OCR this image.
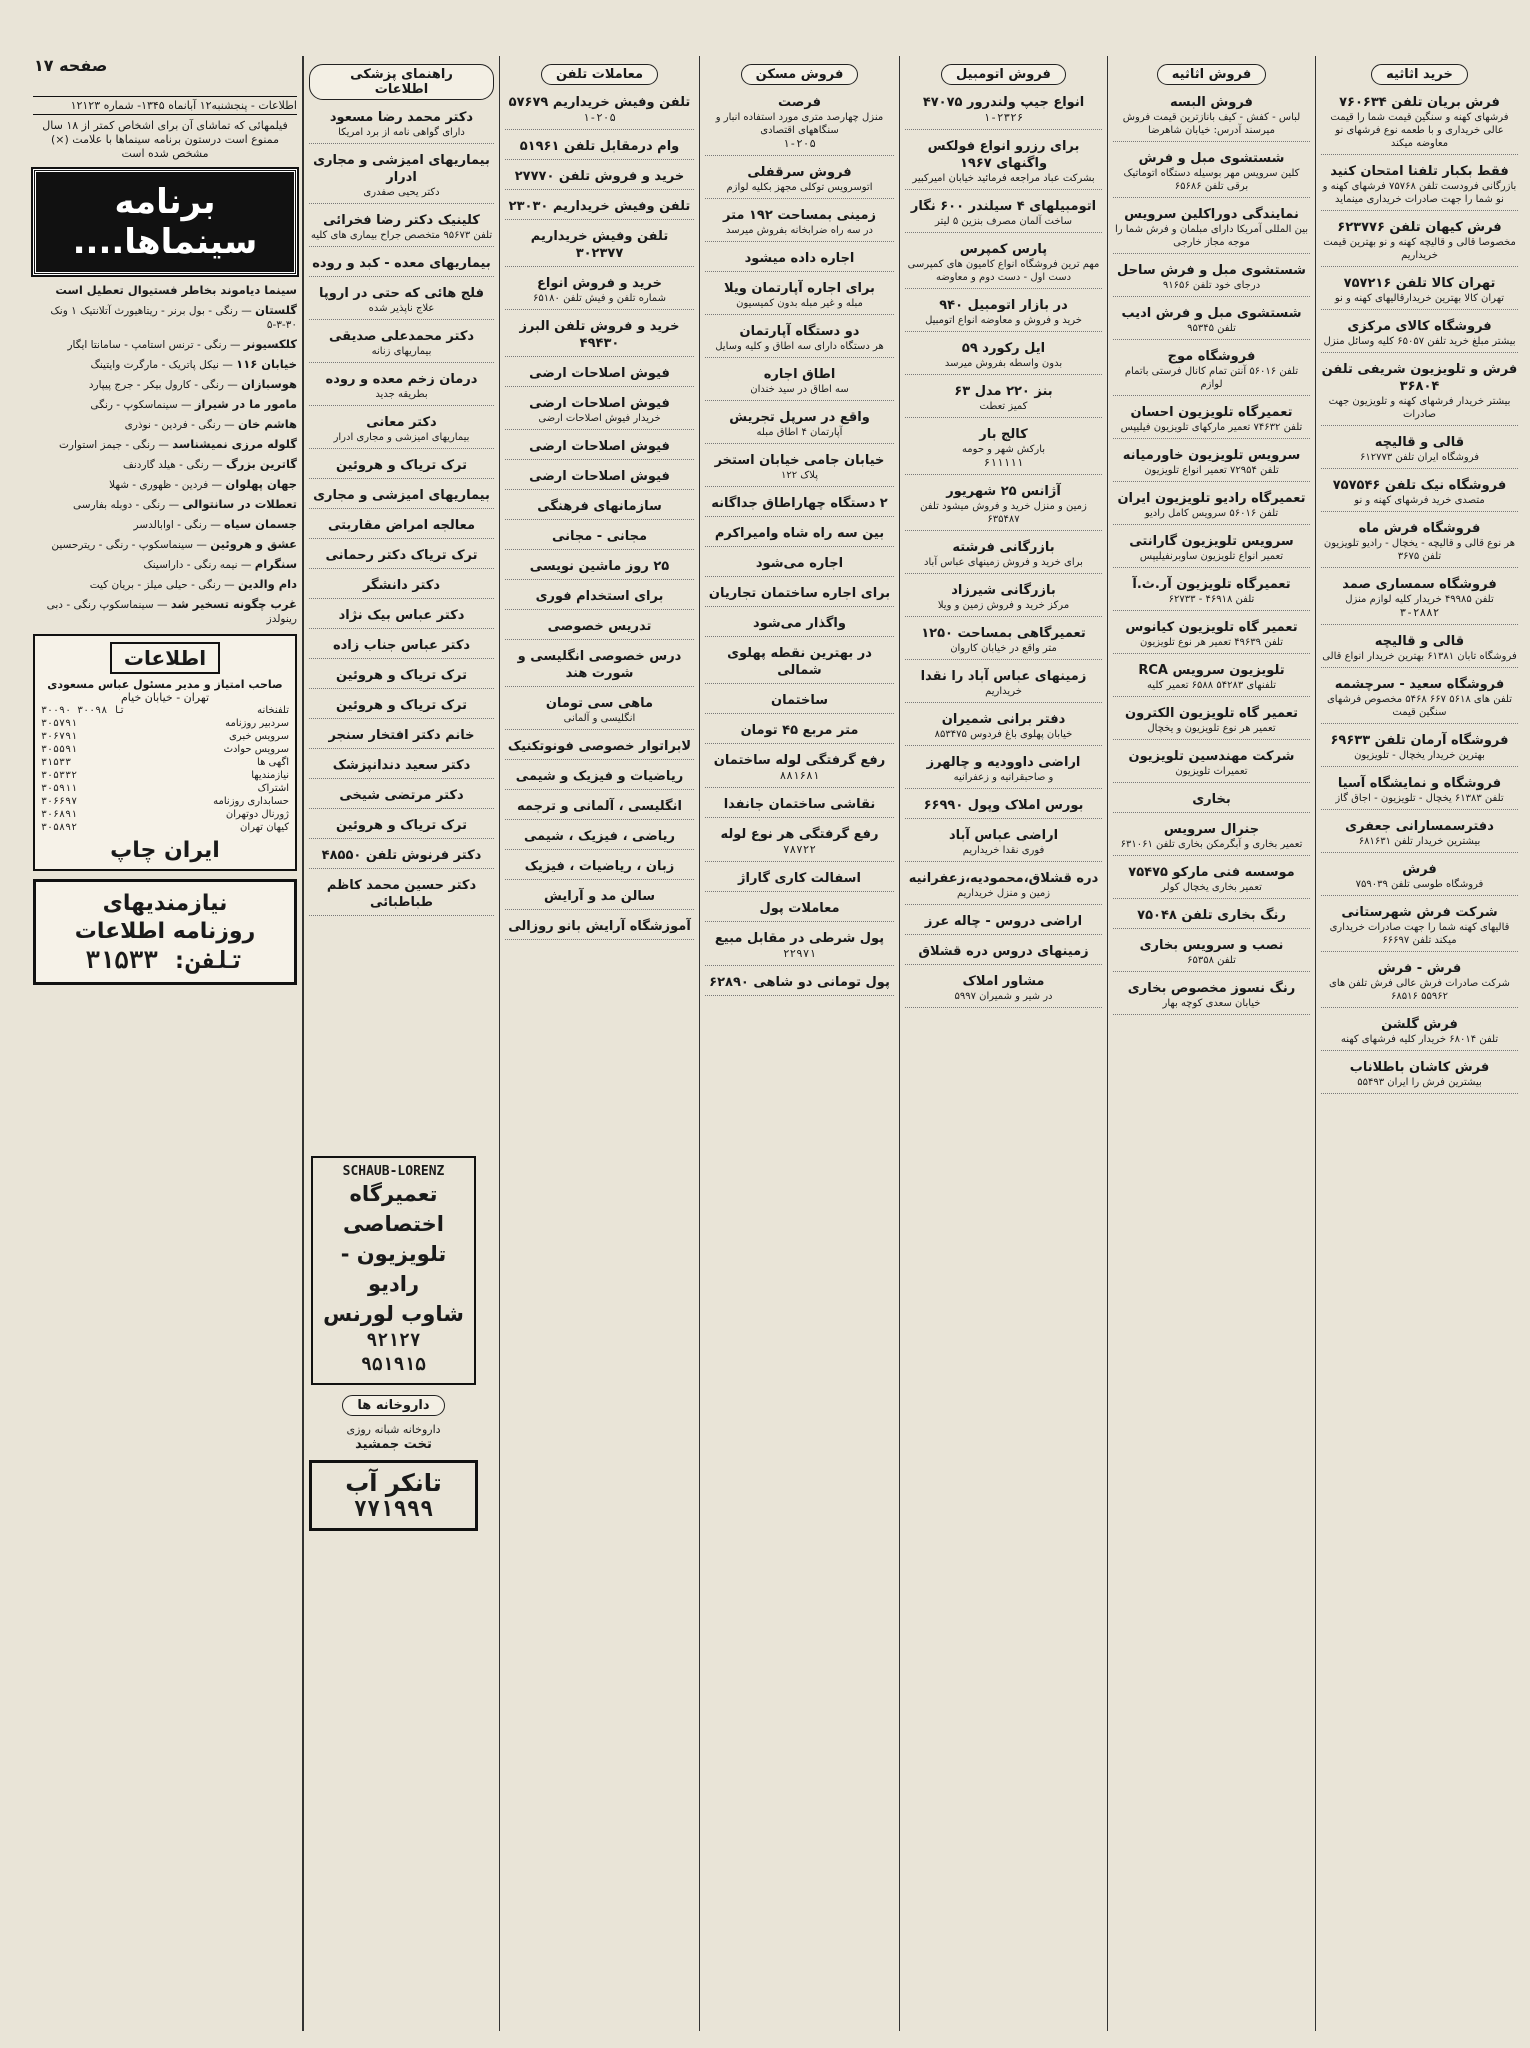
صفحه ۱۷	خرید اثاثیه
فرش بریان تلفن ۷۶۰۶۳۴
فرشهای کهنه و سنگین قیمت شما را قیمت عالی خریداری و با طعمه نوع فرشهای نو معاوضه میکند
فقط بکبار تلفنا امتحان کنید
بازرگانی فرودست تلفن ۷۵۷۶۸ فرشهای کهنه و نو شما را جهت صادرات خریداری مینماید
فرش کیهان تلفن ۶۲۳۷۷۶
مخصوصا قالی و قالیچه کهنه و نو بهترین قیمت خریداریم
تهران کالا تلفن ۷۵۷۲۱۶
تهران کالا بهترین خریدارقالیهای کهنه و نو
فروشگاه کالای مرکزی
بیشتر مبلغ خرید تلفن ۶۵۰۵۷ کلیه وسائل منزل
فرش و تلویزیون شریفی تلفن ۳۶۸۰۴
بیشتر خریدار فرشهای کهنه و تلویزیون جهت صادرات
قالی و قالیچه
فروشگاه ایران تلفن ۶۱۲۷۷۳
فروشگاه نیک تلفن ۷۵۷۵۴۶
متصدی خرید فرشهای کهنه و نو
فروشگاه فرش ماه
هر نوع قالی و قالیچه - یخچال - رادیو تلویزیون تلفن ۳۶۷۵
فروشگاه سمساری صمد
تلفن ۴۹۹۸۵ خریدار کلیه لوازم منزل
۳-۲۸۸۲
قالی و قالیچه
فروشگاه تابان ۶۱۳۸۱ بهترین خریدار انواع قالی
فروشگاه سعید - سرچشمه
تلفن های ۵۶۱۸ ۶۶۷ ۵۴۶۸ مخصوص فرشهای سنگین قیمت
فروشگاه آرمان تلفن ۶۹۶۳۳
بهترین خریدار یخچال - تلویزیون
فروشگاه و نمایشگاه آسیا
تلفن ۶۱۳۸۳ یخچال - تلویزیون - اجاق گاز
دفترسمسارانی جعفری
بیشترین خریدار تلفن ۶۸۱۶۳۱
فرش
فروشگاه طوسی تلفن ۷۵۹۰۳۹
شرکت فرش شهرستانی
قالیهای کهنه شما را جهت صادرات خریداری میکند تلفن ۶۶۶۹۷
فرش - فرش
شرکت صادرات فرش عالی فرش تلفن های ۵۵۹۶۲ ۶۸۵۱۶
فرش گلشن
تلفن ۶۸۰۱۴ خریدار کلیه فرشهای کهنه
فرش کاشان باطلاناب
بیشترین فرش را ایران ۵۵۴۹۳
فروش اثاثیه
فروش البسه
لباس - کفش - کیف بانازترین قیمت فروش میرسند آدرس: خیابان شاهرضا
شستشوی مبل و فرش
کلین سرویس مهر بوسیله دستگاه اتوماتیک برقی تلفن ۶۵۶۸۶
نمایندگی دوراکلین سرویس
بین المللی آمریکا دارای مبلمان و فرش شما را موجه مجاز خارجی
شستشوی مبل و فرش ساحل
درجای خود تلفن ۹۱۶۵۶
شستشوی مبل و فرش ادیب
تلفن ۹۵۳۴۵
فروشگاه موج
تلفن ۵۶۰۱۶ آنتن تمام کانال فرستی باتمام لوازم
تعمیرگاه تلویزیون احسان
تلفن ۷۴۶۳۲ تعمیر مارکهای تلویزیون فیلیپس
سرویس تلویزیون خاورمیانه
تلفن ۷۲۹۵۴ تعمیر انواع تلویزیون
تعمیرگاه رادیو تلویزیون ایران
تلفن ۵۶۰۱۶ سرویس کامل رادیو
سرویس تلویزیون گارانتی
تعمیر انواع تلویزیون ساوبرنفیلیپس
تعمیرگاه تلویزیون آر.ث.آ
تلفن ۴۶۹۱۸ - ۶۲۷۳۳
تعمیر گاه تلویزیون کیانوس
تلفن ۴۹۶۳۹ تعمیر هر نوع تلویزیون
تلویزیون سرویس RCA
تلفنهای ۵۴۲۸۳ ۶۵۸۸ تعمیر کلیه
تعمیر گاه تلویزیون الکترون
تعمیر هر نوع تلویزیون و یخچال
شرکت مهندسین تلویزیون
تعمیرات تلویزیون
بخاری
جنرال سرویس
تعمیر بخاری و آبگرمکن بخاری تلفن ۶۳۱۰۶۱
موسسه فنی مارکو ۷۵۴۷۵
تعمیر بخاری یخچال کولر
رنگ بخاری تلفن ۷۵۰۴۸
نصب و سرویس بخاری
تلفن ۶۵۳۵۸
رنگ نسوز مخصوص بخاری
خیابان سعدی کوچه بهار
فروش اتومبیل
انواع جیپ ولندرور ۴۷۰۷۵
۱-۲۳۲۶
برای رزرو انواع فولکس واگنهای ۱۹۶۷
بشرکت عباد مراجعه فرمائید خیابان امیرکبیر
اتومبیلهای ۴ سیلندر ۶۰۰ نگار
ساخت آلمان مصرف بنزین ۵ لیتر
پارس کمپرس
مهم ترین فروشگاه انواع کامیون های کمپرسی دست اول - دست دوم و معاوضه
در بازار اتومبیل ۹۴۰
خرید و فروش و معاوضه انواع اتومبیل
ایل رکورد ۵۹
بدون واسطه بفروش میرسد
بنز ۲۲۰ مدل ۶۳
کمیز تعطت
کالج بار
بارکش شهر و حومه
۶۱۱۱۱۱
آژانس ۲۵ شهریور
زمین و منزل خرید و فروش میشود تلفن ۶۳۵۴۸۷
بازرگانی فرشته
برای خرید و فروش زمینهای عباس آباد
بازرگانی شیرزاد
مرکز خرید و فروش زمین و ویلا
تعمیرگاهی بمساحت ۱۲۵۰
متر واقع در خیابان کاروان
زمینهای عباس آباد را نقدا
خریداریم
دفتر برانی شمیران
خیابان پهلوی باغ فردوس ۸۵۳۴۷۵
اراضی داوودیه و چالهرز
و صاحبقرانیه و زعفرانیه
بورس املاک وپول ۶۶۹۹۰
اراضی عباس آباد
فوری نقدا خریداریم
دره قشلاق،محمودیه،زعفرانیه
زمین و منزل خریداریم
اراضی دروس - چاله عرز
زمینهای دروس دره قشلاق
مشاور املاک
در شیر و شمیران ۵۹۹۷
فروش مسکن
فرصت
منزل چهارصد متری مورد استفاده انبار و سنگاههای اقتصادی
۱-۲۰۵
فروش سرقفلی
اتوسرویس توکلی مجهز بکلیه لوازم
زمینی بمساحت ۱۹۲ متر
در سه راه ضرابخانه بفروش میرسد
اجاره داده میشود
برای اجاره آپارتمان ویلا
مبله و غیر مبله بدون کمیسیون
دو دستگاه آپارتمان
هر دستگاه دارای سه اطاق و کلیه وسایل
اطاق اجاره
سه اطاق در سید خندان
واقع در سرپل تجریش
آپارتمان ۴ اطاق مبله
خیابان جامی خیابان استخر
پلاک ۱۲۲
۲ دستگاه چهاراطاق جداگانه
بین سه راه شاه وامیراکرم
اجاره می‌شود
برای اجاره ساختمان تجاریان
واگذار می‌شود
در بهترین نقطه پهلوی شمالی
ساختمان
متر مربع ۴۵ تومان
رفع گرفتگی لوله ساختمان
۸۸۱۶۸۱
نقاشی ساختمان جانفدا
رفع گرفتگی هر نوع لوله
۷۸۷۲۲
اسفالت کاری گاراژ
معاملات پول
پول شرطی در مقابل مبیع
۲۲۹۷۱
پول تومانی دو شاهی ۶۲۸۹۰
معاملات تلفن
تلفن وفیش خریداریم ۵۷۶۷۹
۱-۲۰۵
وام درمقابل تلفن ۵۱۹۶۱
خرید و فروش تلفن ۲۷۷۷۰
تلفن وفیش خریداریم ۲۳۰۳۰
تلفن وفیش خریداریم ۳۰۲۳۷۷
خرید و فروش انواع
شماره تلفن و فیش تلفن ۶۵۱۸۰
خرید و فروش تلفن البرز ۴۹۴۳۰
فیوش اصلاحات ارضی
فیوش اصلاحات ارضی
خریدار فیوش اصلاحات ارضی
فیوش اصلاحات ارضی
فیوش اصلاحات ارضی
سازمانهای فرهنگی
مجانی - مجانی
۲۵ روز ماشین نویسی
برای استخدام فوری
تدریس خصوصی
درس خصوصی انگلیسی و شورت هند
ماهی سی تومان
انگلیسی و آلمانی
لابراتوار خصوصی فونوتکنیک
ریاضیات و فیزیک و شیمی
انگلیسی ، آلمانی و ترجمه
ریاضی ، فیزیک ، شیمی
زبان ، ریاضیات ، فیزیک
سالن مد و آرایش
آموزشگاه آرایش بانو روزالی
راهنمای پزشکی اطلاعات
دکتر محمد رضا مسعود
دارای گواهی نامه از برد امریکا
بیماریهای امیزشی و مجاری ادرار
دکتر یحیی صفدری
کلینیک دکتر رضا فخرائی
تلفن ۹۵۶۷۳ متخصص جراح بیماری های کلیه
بیماریهای معده - کبد و روده
فلج هائی که حتی در اروپا
علاج ناپذیر شده
دکتر محمدعلی صدیقی
بیماریهای زنانه
درمان زخم معده و روده
بطریقه جدید
دکتر معانی
بیماریهای امیزشی و مجاری ادرار
ترک تریاک و هروئین
بیماریهای امیزشی و مجاری
معالجه امراض مقاربتی
ترک تریاک دکتر رحمانی
دکتر دانشگر
دکتر عباس بیک نژاد
دکتر عباس جناب زاده
ترک تریاک و هروئین
ترک تریاک و هروئین
خانم دکتر افتخار سنجر
دکتر سعید دندانپزشک
دکتر مرتضی شیخی
ترک تریاک و هروئین
دکتر فرنوش تلفن ۴۸۵۵۰
دکتر حسین محمد کاظم طباطبائی
اطلاعات - پنجشنبه۱۲ آبانماه ۱۳۴۵- شماره ۱۲۱۲۳
فیلمهائی که تماشای آن برای اشخاص کمتر از ۱۸ سال ممنوع است درستون برنامه سینماها با علامت (×) مشخص شده است
برنامه سینماها....
سینما دیاموند بخاطر فستیوال تعطیل است
گلستان — رنگی - بول برنر - ریتاهیورث آتلانتیک ۱ ونک ۳۰-۳-۵
کلکسیونر — رنگی - ترنس استامپ - سامانتا ایگار
خیابان ۱۱۶ — نیکل پاتریک - مارگرت وایتینگ
هوسبازان — رنگی - کارول بیکر - جرج پیپارد
مامور ما در شیراز — سینماسکوپ - رنگی
هاشم خان — رنگی - فردین - نوذری
گلوله مرزی نمیشناسد — رنگی - جیمز استوارت
گاترین بزرگ — رنگی - هیلد گاردنف
جهان پهلوان — فردین - ظهوری - شهلا
تعطلات در سانتوالی — رنگی - دوبله بفارسی
جسمان سیاه — رنگی - اوابالدسر
عشق و هروئین — سینماسکوپ - رنگی - ریترحسین
سنگرام — نیمه رنگی - داراسینک
دام والدین — رنگی - حیلی میلز - بریان کیت
غرب چگونه تسخیر شد — سینماسکوپ رنگی - دبی رینولدز
اطلاعات
صاحب امتیاز و مدیر مسئول عباس مسعودی
تهران - خیابان خیام
تلفنخانه
۳۰۰۹۰ تا ۳۰۰۹۸
سردبیر روزنامه
۳۰۵۷۹۱
سرویس خبری
۳۰۶۷۹۱
سرویس حوادث
۳۰۵۵۹۱
اگهی ها
۳۱۵۳۳
نیازمندیها
۳۰۵۳۳۲
اشتراک
۳۰۵۹۱۱
حسابداری روزنامه
۳۰۶۶۹۷
ژورنال دوتهران
۳۰۶۸۹۱
کیهان تهران
۳۰۵۸۹۲
ایران چاپ
نیازمندیهای
روزنامه اطلاعات
تلفن: ۳۱۵۳۳
SCHAUB-LORENZ
تعمیرگاه اختصاصی
تلویزیون - رادیو
شاوب لورنس
۹۲۱۲۷
۹۵۱۹۱۵
داروخانه ها
داروخانه شبانه روزی
تخت جمشید
تانکر آب
۷۷۱۹۹۹
